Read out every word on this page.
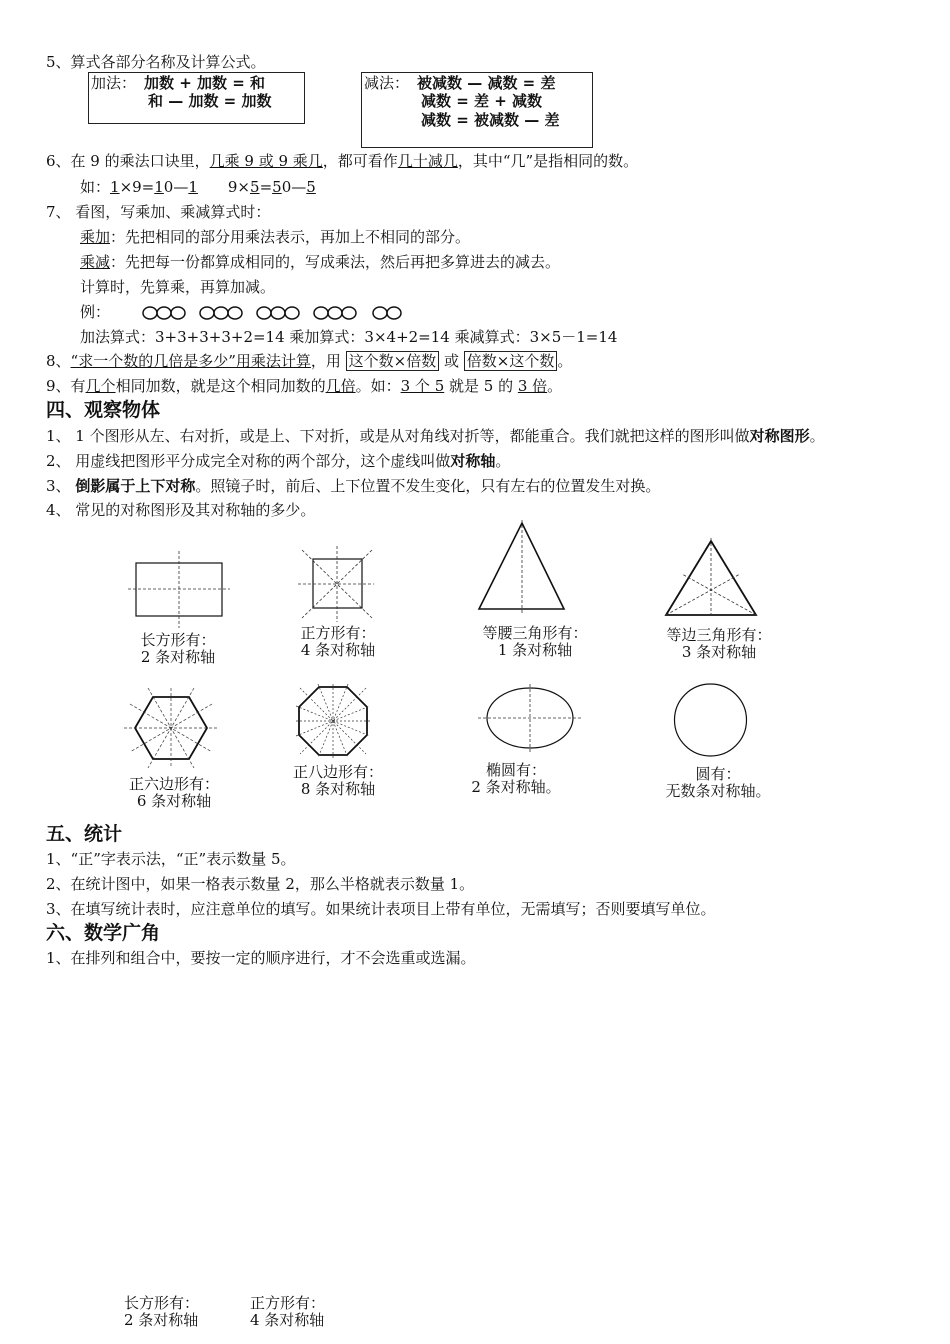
5、算式各部分名称及计算公式。
加法： 加数 + 加数 = 和
和 — 加数 = 加数
减法： 被减数 — 减数 = 差
减数 = 差 + 减数
减数 = 被减数 — 差
6、在 9 的乘法口诀里，几乘 9 或 9 乘几，都可看作几十减几，其中“几”是指相同的数。
如：1×9=10—1 9×5=50—5
7、 看图，写乘加、乘减算式时：
乘加：先把相同的部分用乘法表示，再加上不相同的部分。
乘减：先把每一份都算成相同的，写成乘法，然后再把多算进去的减去。
计算时，先算乘，再算加减。
例：
加法算式：3+3+3+3+2=14 乘加算式：3×4+2=14 乘减算式：3×5－1=14
8、“求一个数的几倍是多少”用乘法计算，用 这个数×倍数 或 倍数×这个数 。
9、有几个相同加数，就是这个相同加数的几倍。如：3 个 5 就是 5 的 3 倍。
四、观察物体
1、 1 个图形从左、右对折，或是上、下对折，或是从对角线对折等，都能重合。我们就把这样的图形叫做对称图形。
2、 用虚线把图形平分成完全对称的两个部分，这个虚线叫做对称轴。
3、 倒影属于上下对称。照镜子时，前后、上下位置不发生变化，只有左右的位置发生对换。
4、 常见的对称图形及其对称轴的多少。
长方形有：
2 条对称轴
正方形有：
4 条对称轴
等腰三角形有：
1 条对称轴
等边三角形有：
3 条对称轴
正六边形有：
6 条对称轴
正八边形有：
8 条对称轴
椭圆有：
2 条对称轴。
圆有：
无数条对称轴。
五、统计
1、“正”字表示法，“正”表示数量 5。
2、在统计图中，如果一格表示数量 2，那么半格就表示数量 1。
3、在填写统计表时，应注意单位的填写。如果统计表项目上带有单位，无需填写；否则要填写单位。
六、数学广角
1、在排列和组合中，要按一定的顺序进行，才不会选重或选漏。
长方形有：
2 条对称轴
正方形有：
4 条对称轴
